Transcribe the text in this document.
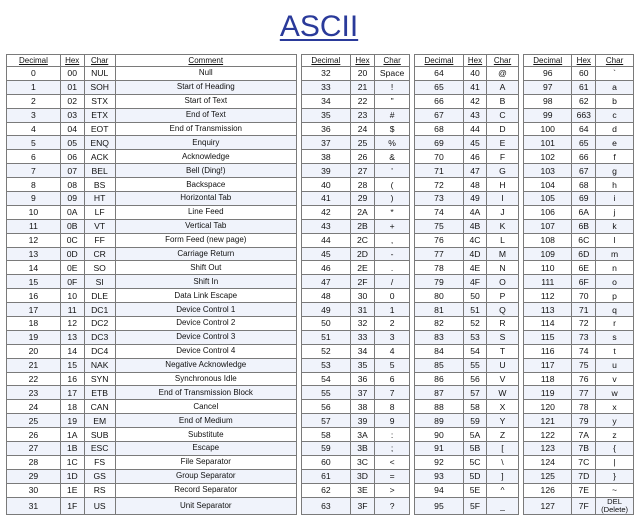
ASCII
Decimal	Hex	Char	Comment		Decimal	Hex	Char		Decimal	Hex	Char		Decimal	Hex	Char
0	00	NUL	Null		32	20	Space		64	40	@		96	60	`
1	01	SOH	Start of Heading		33	21	!		65	41	A		97	61	a
2	02	STX	Start of Text		34	22	"		66	42	B		98	62	b
3	03	ETX	End of Text		35	23	#		67	43	C		99	663	c
4	04	EOT	End of Transmission		36	24	$		68	44	D		100	64	d
5	05	ENQ	Enquiry		37	25	%		69	45	E		101	65	e
6	06	ACK	Acknowledge		38	26	&		70	46	F		102	66	f
7	07	BEL	Bell (Ding!)		39	27	'		71	47	G		103	67	g
8	08	BS	Backspace		40	28	(		72	48	H		104	68	h
9	09	HT	Horizontal Tab		41	29	)		73	49	I		105	69	i
10	0A	LF	Line Feed		42	2A	*		74	4A	J		106	6A	j
11	0B	VT	Vertical Tab		43	2B	+		75	4B	K		107	6B	k
12	0C	FF	Form Feed (new page)		44	2C	,		76	4C	L		108	6C	l
13	0D	CR	Carriage Return		45	2D	-		77	4D	M		109	6D	m
14	0E	SO	Shift Out		46	2E	.		78	4E	N		110	6E	n
15	0F	SI	Shift In		47	2F	/		79	4F	O		111	6F	o
16	10	DLE	Data Link Escape		48	30	0		80	50	P		112	70	p
17	11	DC1	Device Control 1		49	31	1		81	51	Q		113	71	q
18	12	DC2	Device Control 2		50	32	2		82	52	R		114	72	r
19	13	DC3	Device Control 3		51	33	3		83	53	S		115	73	s
20	14	DC4	Device Control 4		52	34	4		84	54	T		116	74	t
21	15	NAK	Negative Acknowledge		53	35	5		85	55	U		117	75	u
22	16	SYN	Synchronous Idle		54	36	6		86	56	V		118	76	v
23	17	ETB	End of Transmission Block		55	37	7		87	57	W		119	77	w
24	18	CAN	Cancel		56	38	8		88	58	X		120	78	x
25	19	EM	End of Medium		57	39	9		89	59	Y		121	79	y
26	1A	SUB	Substitute		58	3A	:		90	5A	Z		122	7A	z
27	1B	ESC	Escape		59	3B	;		91	5B	[		123	7B	{
28	1C	FS	File Separator		60	3C	<		92	5C	\		124	7C	|
29	1D	GS	Group Separator		61	3D	=		93	5D	]		125	7D	}
30	1E	RS	Record Separator		62	3E	>		94	5E	^		126	7E	~
31	1F	US	Unit Separator		63	3F	?		95	5F	_		127	7F	DEL
(Delete)
